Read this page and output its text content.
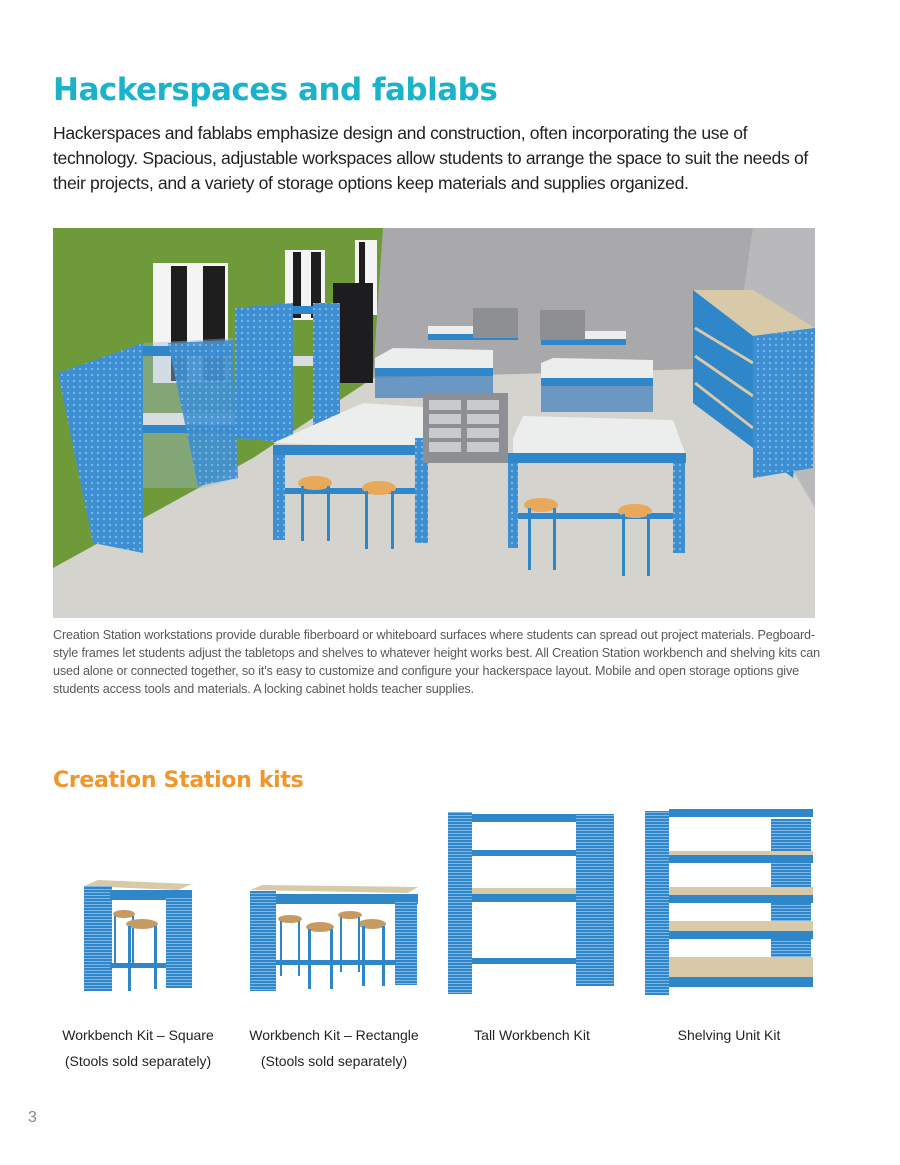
Hackerspaces and fablabs

Hackerspaces and fablabs emphasize design and construction, often incorporating the use of technology. Spacious, adjustable workspaces allow students to arrange the space to suit the needs of their projects, and a variety of storage options keep materials and supplies organized.

Creation Station workstations provide durable fiberboard or whiteboard surfaces where students can spread out project materials. Pegboard-style frames let students adjust the tabletops and shelves to whatever height works best. All Creation Station workbench and shelving kits can used alone or connected together, so it's easy to customize and configure your hackerspace layout. Mobile and open storage options give students access tools and materials. A locking cabinet holds teacher supplies.

Creation Station kits
Workbench Kit – Square
(Stools sold separately)
Workbench Kit – Rectangle
(Stools sold separately)
Tall Workbench Kit	Shelving Unit Kit
3
